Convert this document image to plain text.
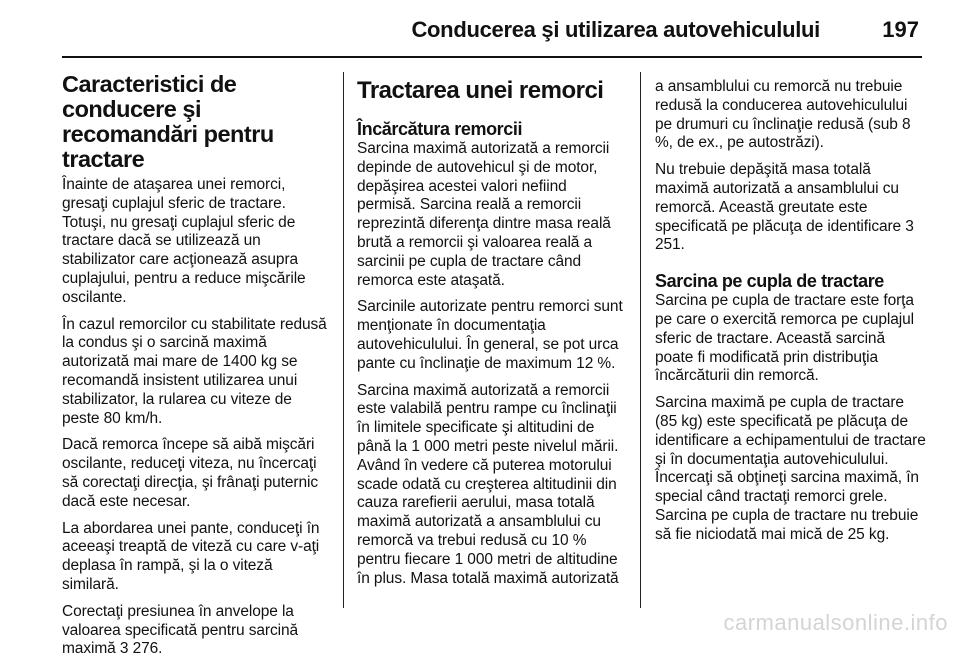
Conducerea şi utilizarea autovehiculului	197
Caracteristici de conducere şi recomandări pentru tractare

Înainte de ataşarea unei remorci, gresaţi cuplajul sferic de tractare. Totuşi, nu gresaţi cuplajul sferic de tractare dacă se utilizează un stabilizator care acţionează asupra cuplajului, pentru a reduce mişcările oscilante.

În cazul remorcilor cu stabilitate redusă la condus şi o sarcină maximă autorizată mai mare de 1400 kg se recomandă insistent utilizarea unui stabilizator, la rularea cu viteze de peste 80 km/h.

Dacă remorca începe să aibă mişcări oscilante, reduceţi viteza, nu încercaţi să corectaţi direcţia, şi frânaţi puternic dacă este necesar.

La abordarea unei pante, conduceţi în aceeaşi treaptă de viteză cu care v-aţi deplasa în rampă, şi la o viteză similară.

Corectaţi presiunea în anvelope la valoarea specificată pentru sarcină maximă 3 276.

Tractarea unei remorci
Încărcătura remorcii

Sarcina maximă autorizată a remorcii depinde de autovehicul şi de motor, depăşirea acestei valori nefiind permisă. Sarcina reală a remorcii reprezintă diferenţa dintre masa reală brută a remorcii şi valoarea reală a sarcinii pe cupla de tractare când remorca este ataşată.

Sarcinile autorizate pentru remorci sunt menţionate în documentaţia autovehiculului. În general, se pot urca pante cu înclinaţie de maximum 12 %.

Sarcina maximă autorizată a remorcii este valabilă pentru rampe cu înclinaţii în limitele specificate şi altitudini de până la 1 000 metri peste nivelul mării. Având în vedere că puterea motorului scade odată cu creşterea altitudinii din cauza rarefierii aerului, masa totală maximă autorizată a ansamblului cu remorcă va trebui redusă cu 10 % pentru fiecare 1 000 metri de altitudine în plus. Masa totală maximă autorizată

a ansamblului cu remorcă nu trebuie redusă la conducerea autovehiculului pe drumuri cu înclinaţie redusă (sub 8 %, de ex., pe autostrăzi).

Nu trebuie depăşită masa totală maximă autorizată a ansamblului cu remorcă. Această greutate este specificată pe plăcuţa de identificare 3 251.

Sarcina pe cupla de tractare

Sarcina pe cupla de tractare este forţa pe care o exercită remorca pe cuplajul sferic de tractare. Această sarcină poate fi modificată prin distribuţia încărcăturii din remorcă.

Sarcina maximă pe cupla de tractare (85 kg) este specificată pe plăcuţa de identificare a echipamentului de tractare şi în documentaţia autovehiculului. Încercaţi să obţineţi sarcina maximă, în special când tractaţi remorci grele. Sarcina pe cupla de tractare nu trebuie să fie niciodată mai mică de 25 kg.

carmanualsonline.info
